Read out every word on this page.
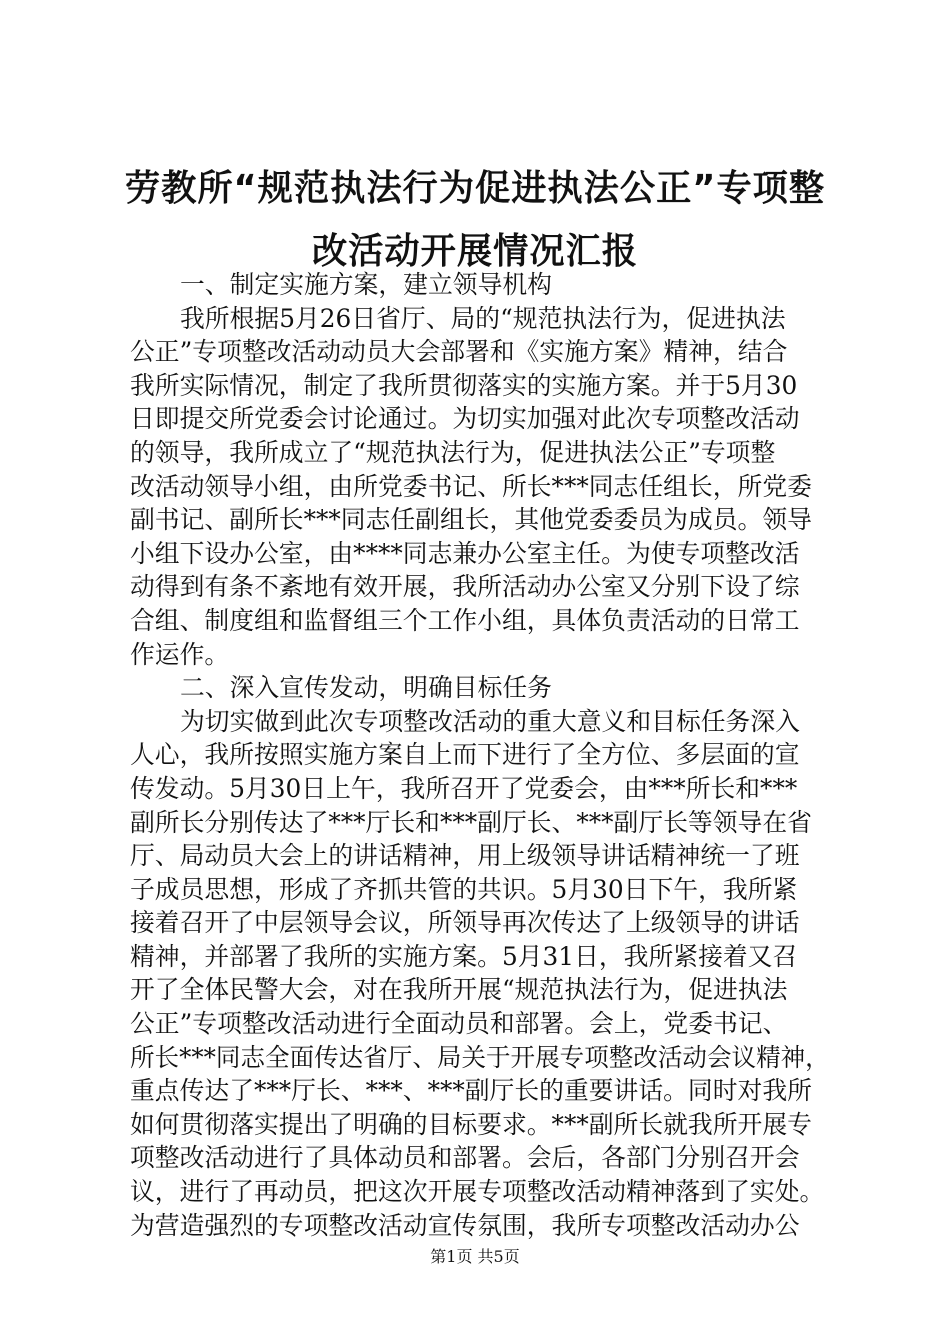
劳教所“规范执法行为促进执法公正”专项整
改活动开展情况汇报
一、制定实施方案，建立领导机构
我所根据5月26日省厅、局的“规范执法行为，促进执法
公正”专项整改活动动员大会部署和《实施方案》精神，结合
我所实际情况，制定了我所贯彻落实的实施方案。并于5月30
日即提交所党委会讨论通过。为切实加强对此次专项整改活动
的领导，我所成立了“规范执法行为，促进执法公正”专项整
改活动领导小组，由所党委书记、所长***同志任组长，所党委
副书记、副所长***同志任副组长，其他党委委员为成员。领导
小组下设办公室，由****同志兼办公室主任。为使专项整改活
动得到有条不紊地有效开展，我所活动办公室又分别下设了综
合组、制度组和监督组三个工作小组，具体负责活动的日常工
作运作。
二、深入宣传发动，明确目标任务
为切实做到此次专项整改活动的重大意义和目标任务深入
人心，我所按照实施方案自上而下进行了全方位、多层面的宣
传发动。5月30日上午，我所召开了党委会，由***所长和***
副所长分别传达了***厅长和***副厅长、***副厅长等领导在省
厅、局动员大会上的讲话精神，用上级领导讲话精神统一了班
子成员思想，形成了齐抓共管的共识。5月30日下午，我所紧
接着召开了中层领导会议，所领导再次传达了上级领导的讲话
精神，并部署了我所的实施方案。5月31日，我所紧接着又召
开了全体民警大会，对在我所开展“规范执法行为，促进执法
公正”专项整改活动进行全面动员和部署。会上，党委书记、
所长***同志全面传达省厅、局关于开展专项整改活动会议精神，
重点传达了***厅长、***、***副厅长的重要讲话。同时对我所
如何贯彻落实提出了明确的目标要求。***副所长就我所开展专
项整改活动进行了具体动员和部署。会后，各部门分别召开会
议，进行了再动员，把这次开展专项整改活动精神落到了实处。
为营造强烈的专项整改活动宣传氛围，我所专项整改活动办公
第1页 共5页
